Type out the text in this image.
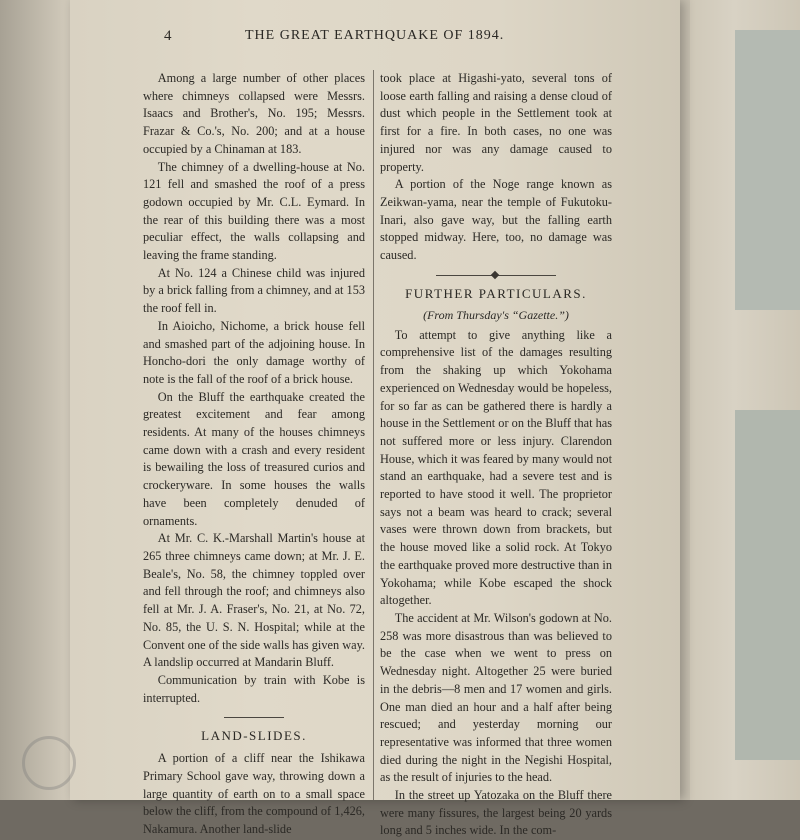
4	THE GREAT EARTHQUAKE OF 1894.

Among a large number of other places where chimneys collapsed were Messrs. Isaacs and Brother's, No. 195; Messrs. Frazar & Co.'s, No. 200; and at a house occupied by a Chinaman at 183.

The chimney of a dwelling-house at No. 121 fell and smashed the roof of a press godown occupied by Mr. C.L. Eymard. In the rear of this building there was a most peculiar effect, the walls collapsing and leaving the frame standing.

At No. 124 a Chinese child was injured by a brick falling from a chimney, and at 153 the roof fell in.

In Aioicho, Nichome, a brick house fell and smashed part of the adjoining house. In Honcho-dori the only damage worthy of note is the fall of the roof of a brick house.

On the Bluff the earthquake created the greatest excitement and fear among residents. At many of the houses chimneys came down with a crash and every resident is bewailing the loss of treasured curios and crockeryware. In some houses the walls have been completely denuded of ornaments.

At Mr. C. K.-Marshall Martin's house at 265 three chimneys came down; at Mr. J. E. Beale's, No. 58, the chimney toppled over and fell through the roof; and chimneys also fell at Mr. J. A. Fraser's, No. 21, at No. 72, No. 85, the U. S. N. Hospital; while at the Convent one of the side walls has given way. A landslip occurred at Mandarin Bluff.

Communication by train with Kobe is interrupted.

LAND-SLIDES.

A portion of a cliff near the Ishikawa Primary School gave way, throwing down a large quantity of earth on to a small space below the cliff, from the compound of 1,426, Nakamura. Another land-slide

took place at Higashi-yato, several tons of loose earth falling and raising a dense cloud of dust which people in the Settlement took at first for a fire. In both cases, no one was injured nor was any damage caused to property.

A portion of the Noge range known as Zeikwan-yama, near the temple of Fukutoku-Inari, also gave way, but the falling earth stopped midway. Here, too, no damage was caused.

FURTHER PARTICULARS.
(From Thursday's “Gazette.”)

To attempt to give anything like a comprehensive list of the damages resulting from the shaking up which Yokohama experienced on Wednesday would be hopeless, for so far as can be gathered there is hardly a house in the Settlement or on the Bluff that has not suffered more or less injury. Clarendon House, which it was feared by many would not stand an earthquake, had a severe test and is reported to have stood it well. The proprietor says not a beam was heard to crack; several vases were thrown down from brackets, but the house moved like a solid rock. At Tokyo the earthquake proved more destructive than in Yokohama; while Kobe escaped the shock altogether.

The accident at Mr. Wilson's godown at No. 258 was more disastrous than was believed to be the case when we went to press on Wednesday night. Altogether 25 were buried in the debris—8 men and 17 women and girls. One man died an hour and a half after being rescued; and yesterday morning our representative was informed that three women died during the night in the Negishi Hospital, as the result of injuries to the head.

In the street up Yatozaka on the Bluff there were many fissures, the largest being 20 yards long and 5 inches wide. In the com-
